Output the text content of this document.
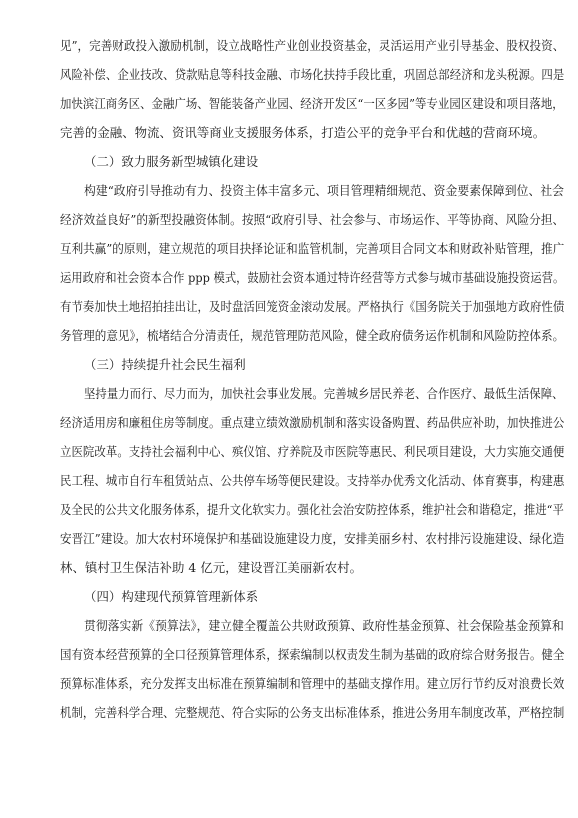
见”，完善财政投入激励机制，设立战略性产业创业投资基金，灵活运用产业引导基金、股权投资、
风险补偿、企业技改、贷款贴息等科技金融、市场化扶持手段比重，巩固总部经济和龙头税源。四是
加快滨江商务区、金融广场、智能装备产业园、经济开发区“一区多园”等专业园区建设和项目落地，
完善的金融、物流、资讯等商业支援服务体系，打造公平的竞争平台和优越的营商环境。
（二）致力服务新型城镇化建设
构建“政府引导推动有力、投资主体丰富多元、项目管理精细规范、资金要素保障到位、社会
经济效益良好”的新型投融资体制。按照“政府引导、社会参与、市场运作、平等协商、风险分担、
互利共赢”的原则，建立规范的项目抉择论证和监管机制，完善项目合同文本和财政补贴管理，推广
运用政府和社会资本合作 ppp 模式，鼓励社会资本通过特许经营等方式参与城市基础设施投资运营。
有节奏加快土地招拍挂出让，及时盘活回笼资金滚动发展。严格执行《国务院关于加强地方政府性债
务管理的意见》，梳堵结合分清责任，规范管理防范风险，健全政府债务运作机制和风险防控体系。
（三）持续提升社会民生福利
坚持量力而行、尽力而为，加快社会事业发展。完善城乡居民养老、合作医疗、最低生活保障、
经济适用房和廉租住房等制度。重点建立绩效激励机制和落实设备购置、药品供应补助，加快推进公
立医院改革。支持社会福利中心、殡仪馆、疗养院及市医院等惠民、利民项目建设，大力实施交通便
民工程、城市自行车租赁站点、公共停车场等便民建设。支持举办优秀文化活动、体育赛事，构建惠
及全民的公共文化服务体系，提升文化软实力。强化社会治安防控体系，维护社会和谐稳定，推进“平
安晋江”建设。加大农村环境保护和基础设施建设力度，安排美丽乡村、农村排污设施建设、绿化造
林、镇村卫生保洁补助 4 亿元，建设晋江美丽新农村。
（四）构建现代预算管理新体系
贯彻落实新《预算法》，建立健全覆盖公共财政预算、政府性基金预算、社会保险基金预算和
国有资本经营预算的全口径预算管理体系，探索编制以权责发生制为基础的政府综合财务报告。健全
预算标准体系，充分发挥支出标准在预算编制和管理中的基础支撑作用。建立厉行节约反对浪费长效
机制，完善科学合理、完整规范、符合实际的公务支出标准体系，推进公务用车制度改革，严格控制
